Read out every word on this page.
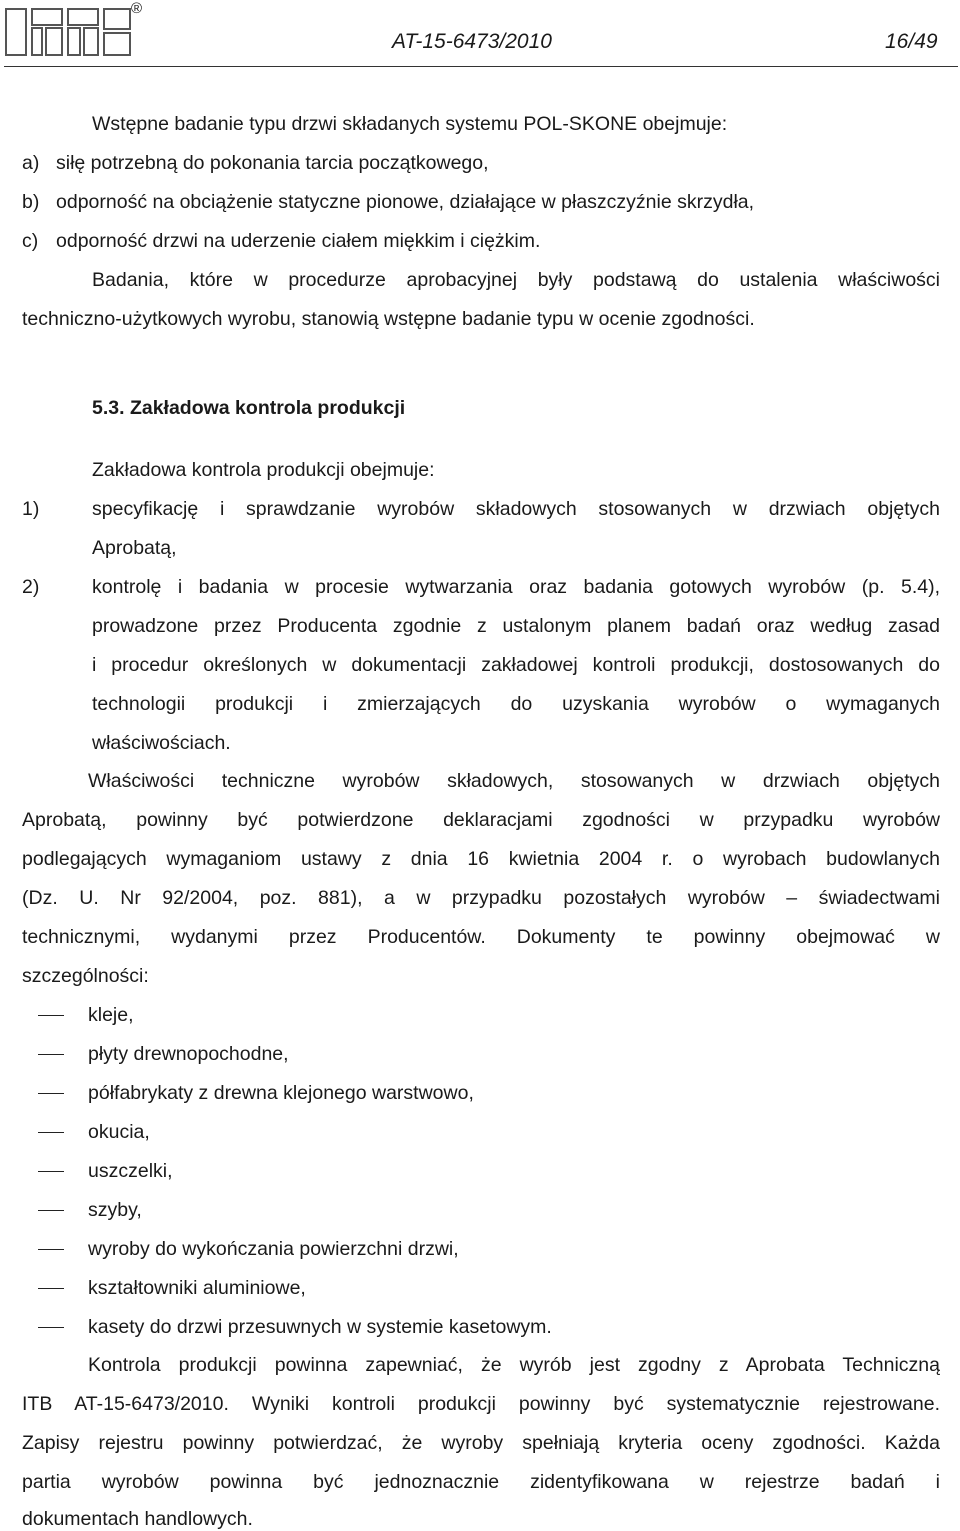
®
AT-15-6473/2010	16/49
Wstępne badanie typu drzwi składanych systemu POL-SKONE obejmuje:
a) siłę potrzebną do pokonania tarcia początkowego,
b) odporność na obciążenie statyczne pionowe, działające w płaszczyźnie skrzydła,
c) odporność drzwi na uderzenie ciałem miękkim i ciężkim.
Badania, które w procedurze aprobacyjnej były podstawą do ustalenia właściwości
techniczno-użytkowych wyrobu, stanowią wstępne badanie typu w ocenie zgodności.
5.3. Zakładowa kontrola produkcji
Zakładowa kontrola produkcji obejmuje:
1)	specyfikację i sprawdzanie wyrobów składowych stosowanych w drzwiach objętych
Aprobatą,
2)	kontrolę i badania w procesie wytwarzania oraz badania gotowych wyrobów (p. 5.4),
prowadzone przez Producenta zgodnie z ustalonym planem badań oraz według zasad
i procedur określonych w dokumentacji zakładowej kontroli produkcji, dostosowanych do
technologii produkcji i zmierzających do uzyskania wyrobów o wymaganych
właściwościach.
Właściwości techniczne wyrobów składowych, stosowanych w drzwiach objętych
Aprobatą, powinny być potwierdzone deklaracjami zgodności w przypadku wyrobów
podlegających wymaganiom ustawy z dnia 16 kwietnia 2004 r. o wyrobach budowlanych
(Dz. U. Nr 92/2004, poz. 881), a w przypadku pozostałych wyrobów – świadectwami
technicznymi, wydanymi przez Producentów. Dokumenty te powinny obejmować w
szczególności:
kleje,
płyty drewnopochodne,
półfabrykaty z drewna klejonego warstwowo,
okucia,
uszczelki,
szyby,
wyroby do wykończania powierzchni drzwi,
kształtowniki aluminiowe,
kasety do drzwi przesuwnych w systemie kasetowym.
Kontrola produkcji powinna zapewniać, że wyrób jest zgodny z Aprobata Techniczną
ITB AT-15-6473/2010. Wyniki kontroli produkcji powinny być systematycznie rejestrowane.
Zapisy rejestru powinny potwierdzać, że wyroby spełniają kryteria oceny zgodności. Każda
partia wyrobów powinna być jednoznacznie zidentyfikowana w rejestrze badań i
dokumentach handlowych.
